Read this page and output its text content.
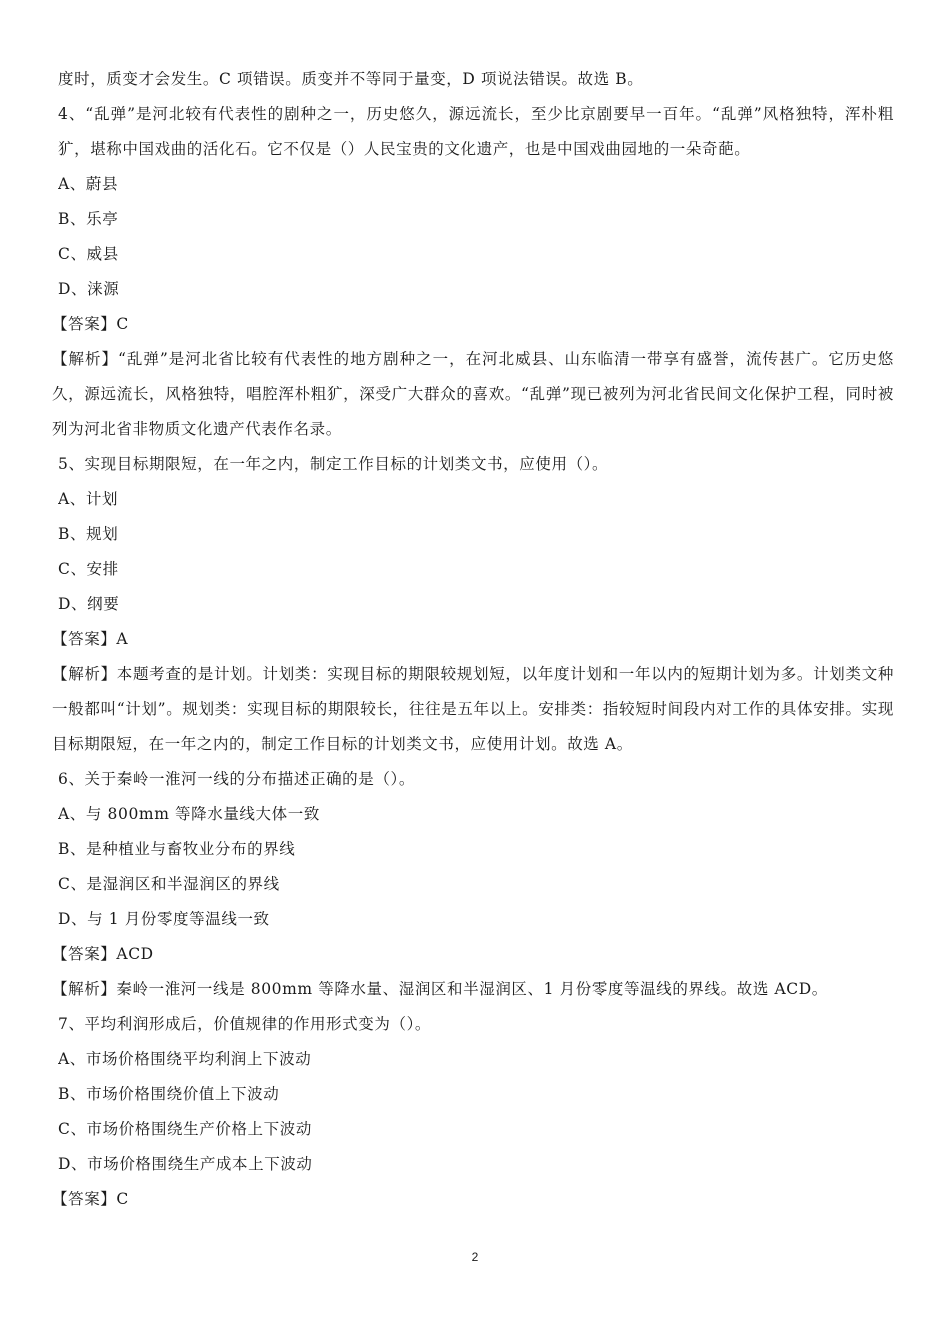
度时，质变才会发生。C 项错误。质变并不等同于量变，D 项说法错误。故选 B。
4、“乱弹”是河北较有代表性的剧种之一，历史悠久，源远流长，至少比京剧要早一百年。“乱弹”风格独特，浑朴粗犷，堪称中国戏曲的活化石。它不仅是（）人民宝贵的文化遗产，也是中国戏曲园地的一朵奇葩。
A、蔚县
B、乐亭
C、威县
D、涞源
【答案】C
【解析】“乱弹”是河北省比较有代表性的地方剧种之一，在河北威县、山东临清一带享有盛誉，流传甚广。它历史悠久，源远流长，风格独特，唱腔浑朴粗犷，深受广大群众的喜欢。“乱弹”现已被列为河北省民间文化保护工程，同时被列为河北省非物质文化遗产代表作名录。
5、实现目标期限短，在一年之内，制定工作目标的计划类文书，应使用（）。
A、计划
B、规划
C、安排
D、纲要
【答案】A
【解析】本题考查的是计划。计划类：实现目标的期限较规划短，以年度计划和一年以内的短期计划为多。计划类文种一般都叫“计划”。规划类：实现目标的期限较长，往往是五年以上。安排类：指较短时间段内对工作的具体安排。实现目标期限短，在一年之内的，制定工作目标的计划类文书，应使用计划。故选 A。
6、关于秦岭一淮河一线的分布描述正确的是（）。
A、与 800mm 等降水量线大体一致
B、是种植业与畜牧业分布的界线
C、是湿润区和半湿润区的界线
D、与 1 月份零度等温线一致
【答案】ACD
【解析】秦岭一淮河一线是 800mm 等降水量、湿润区和半湿润区、1 月份零度等温线的界线。故选 ACD。
7、平均利润形成后，价值规律的作用形式变为（）。
A、市场价格围绕平均利润上下波动
B、市场价格围绕价值上下波动
C、市场价格围绕生产价格上下波动
D、市场价格围绕生产成本上下波动
【答案】C
2
